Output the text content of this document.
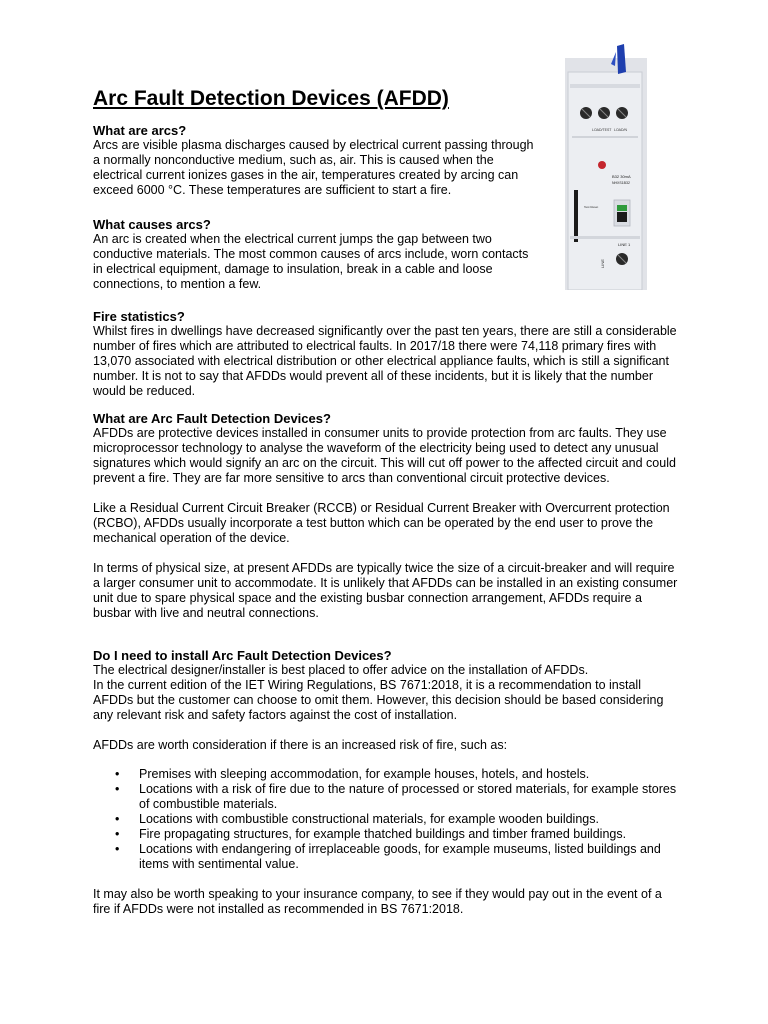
Arc Fault Detection Devices (AFDD)
What are arcs?

Arcs are visible plasma discharges caused by electrical current passing through a normally nonconductive medium, such as, air. This is caused when the electrical current ionizes gases in the air, temperatures created by arcing can exceed 6000 °C. These temperatures are sufficient to start a fire.

What causes arcs?

An arc is created when the electrical current jumps the gap between two conductive materials. The most common causes of arcs include, worn contacts in electrical equipment, damage to insulation, break in a cable and loose connections, to mention a few.

Fire statistics?

Whilst fires in dwellings have decreased significantly over the past ten years, there are still a considerable number of fires which are attributed to electrical faults. In 2017/18 there were 74,118 primary fires with 13,070 associated with electrical distribution or other electrical appliance faults, which is still a significant number. It is not to say that AFDDs would prevent all of these incidents, but it is likely that the number would be reduced.

What are Arc Fault Detection Devices?

AFDDs are protective devices installed in consumer units to provide protection from arc faults. They use microprocessor technology to analyse the waveform of the electricity being used to detect any unusual signatures which would signify an arc on the circuit. This will cut off power to the affected circuit and could prevent a fire. They are far more sensitive to arcs than conventional circuit protective devices.

Like a Residual Current Circuit Breaker (RCCB) or Residual Current Breaker with Overcurrent protection (RCBO), AFDDs usually incorporate a test button which can be operated by the end user to prove the mechanical operation of the device.

In terms of physical size, at present AFDDs are typically twice the size of a circuit-breaker and will require a larger consumer unit to accommodate. It is unlikely that AFDDs can be installed in an existing consumer unit due to spare physical space and the existing busbar connection arrangement, AFDDs require a busbar with live and neutral connections.

Do I need to install Arc Fault Detection Devices?

The electrical designer/installer is best placed to offer advice on the installation of AFDDs.

In the current edition of the IET Wiring Regulations, BS 7671:2018, it is a recommendation to install AFDDs but the customer can choose to omit them. However, this decision should be based considering any relevant risk and safety factors against the cost of installation.

AFDDs are worth consideration if there is an increased risk of fire, such as:

• Premises with sleeping accommodation, for example houses, hotels, and hostels.
• Locations with a risk of fire due to the nature of processed or stored materials, for example stores of combustible materials.
• Locations with combustible constructional materials, for example wooden buildings.
• Fire propagating structures, for example thatched buildings and timber framed buildings.
• Locations with endangering of irreplaceable goods, for example museums, listed buildings and items with sentimental value.

It may also be worth speaking to your insurance company, to see if they would pay out in the event of a fire if AFDDs were not installed as recommended in BS 7671:2018.

LOAD/TEST LOAD/N
B32 30mA
NHXS1B32
Test Reset
LINE 1
LINE
